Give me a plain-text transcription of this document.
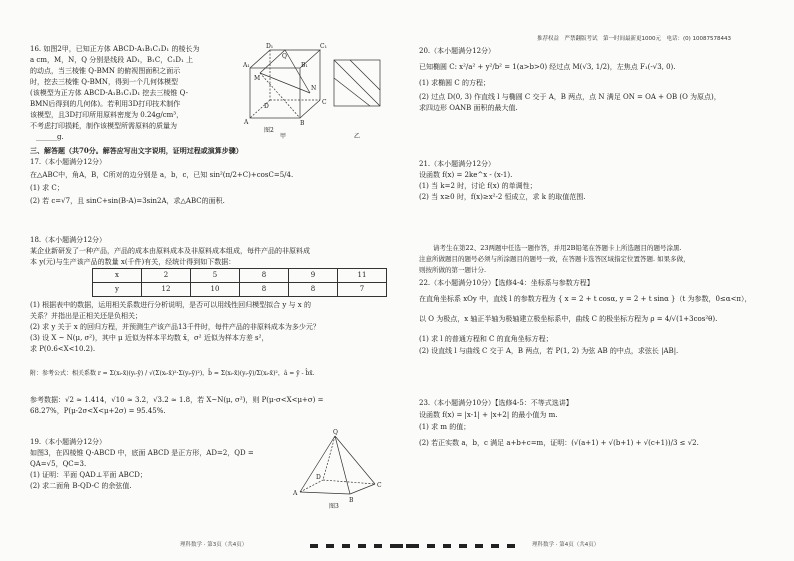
16. 如图2甲，已知正方体 ABCD-A₁B₁C₁D₁ 的棱长为
a cm，M，N，Q 分别是线段 AD₁，B₁C，C₁D₁ 上
的动点，当三棱锥 Q-BMN 的俯视图面积之面示
时，挖去三棱锥 Q-BMN，得到一个几何体模型
(该模型为正方体 ABCD-A₁B₁C₁D₁ 挖去三棱锥 Q-
BMN后得到的几何体)。若利用3D打印技术制作
该模型，且3D打印所用原料密度为 0.24g/cm³，
不考虑打印损耗，制作该模型所需原料的质量为
______g.
D₁	C₁
A₁	B₁
Q
M
N
D
C
A	B
甲	乙
图2
三、解答题（共70分。解答应写出文字说明，证明过程或演算步骤）
17.（本小题满分12分）
在△ABC中，角A，B，C所对的边分别是 a，b，c，已知 sin²(π/2+C)+cosC=5/4.
(1) 求 C；
(2) 若 c=√7，且 sinC+sin(B-A)=3sin2A，求△ABC的面积.
18.（本小题满分12分）
某企业新研发了一种产品，产品的成本由原料成本及非原料成本组成，每件产品的非原料成
本 y(元)与生产该产品的数量 x(千件)有关，经统计得到如下数据：
x	2	5	8	9	11
y	12	10	8	8	7
(1) 根据表中的数据，运用相关系数进行分析说明，是否可以用线性回归模型拟合 y 与 x 的
关系？并指出是正相关还是负相关；
(2) 求 y 关于 x 的回归方程，并预测生产该产品13千件时，每件产品的非原料成本为多少元？
(3) 设 X ~ N(μ, σ²)，其中 μ 近似为样本平均数 x̄，σ² 近似为样本方差 s²，
求 P(0.6<X<10.2).
附：参考公式：相关系数 r = Σ(xᵢ-x̄)(yᵢ-ȳ) / √(Σ(xᵢ-x̄)²·Σ(yᵢ-ȳ)²)，b̂ = Σ(xᵢ-x̄)(yᵢ-ȳ)/Σ(xᵢ-x̄)²，â = ȳ - b̂x̄.
参考数据：√2 ≈ 1.414，√10 ≈ 3.2，√3.2 ≈ 1.8，若 X~N(μ, σ²)，则 P(μ-σ<X<μ+σ) =
68.27%，P(μ-2σ<X<μ+2σ) = 95.45%.
19.（本小题满分12分）
如图3，在四棱锥 Q-ABCD 中，底面 ABCD 是正方形，AD=2，QD =
QA=√5，QC=3.
(1) 证明：平面 QAD⊥平面 ABCD；
(2) 求二面角 B-QD-C 的余弦值.
Q
A
B
C
D
图3
理科数学 · 第3页（共4页）
推荐权益　严禁翻版考试　第一时间最新更1000元　电话：(0) 10087578443
20.（本小题满分12分）
已知椭圆 C: x²/a² + y²/b² = 1(a>b>0) 经过点 M(√3, 1/2)，左焦点 F₁(-√3, 0).
(1) 求椭圆 C 的方程；
(2) 过点 D(0, 3) 作直线 l 与椭圆 C 交于 A，B 两点，点 N 满足 ON = OA + OB (O 为原点)，
求四边形 OANB 面积的最大值.
21.（本小题满分12分）
设函数 f(x) = 2ke^x - (x-1).
(1) 当 k=2 时，讨论 f(x) 的单调性；
(2) 当 x≥0 时，f(x)≥x²-2 恒成立，求 k 的取值范围.
请考生在第22、23两题中任选一题作答，并用2B铅笔在答题卡上所选题目的题号涂黑.
注意所做题目的题号必须与所涂题目的题号一致，在答题卡选答区域指定位置答题. 如果多做，
则按所做的第一题计分.
22.（本小题满分10分）【选修4-4：坐标系与参数方程】
在直角坐标系 xOy 中，直线 l 的参数方程为 { x = 2 + t cosα, y = 2 + t sinα }（t 为参数，0≤α<π），
以 O 为极点，x 轴正半轴为极轴建立极坐标系中，曲线 C 的极坐标方程为 ρ = 4/√(1+3cos²θ).
(1) 求 l 的普通方程和 C 的直角坐标方程；
(2) 设直线 l 与曲线 C 交于 A，B 两点，若 P(1, 2) 为弦 AB 的中点，求弦长 |AB|.
23.（本小题满分10分）【选修4-5：不等式选讲】
设函数 f(x) = |x-1| + |x+2| 的最小值为 m.
(1) 求 m 的值；
(2) 若正实数 a，b，c 满足 a+b+c=m，证明：(√(a+1) + √(b+1) + √(c+1))/3 ≤ √2.
理科数学 · 第4页（共4页）
